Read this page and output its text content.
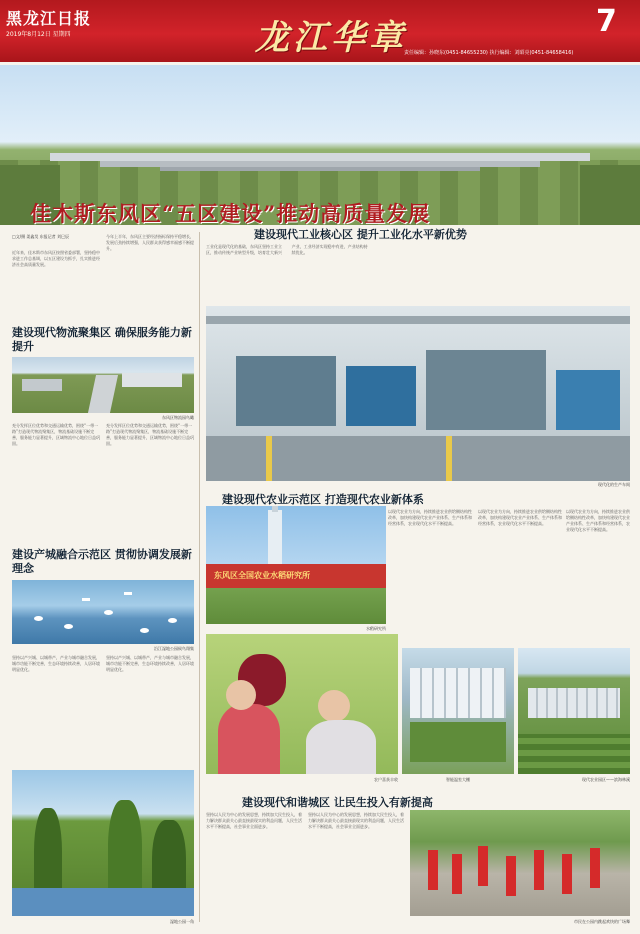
黑龙江日报
2019年8月12日 星期四	龙江华章	7
责任编辑：孙晓东(0451-84655230) 执行编辑：刘昭亮(0451-84658416)
佳木斯东风区“五区建设”推动高质量发展
□文/摄 姜鑫昊 东报记者 刘巳辰
近年来，佳木斯市东风区按照省委部署，坚持稳中求进工作总基调，以五区建设为抓手，扎实推进经济社会高质量发展。
今年上半年，东风区主要经济指标保持平稳增长，发展后劲持续增强，人民群众获得感幸福感不断提升。
建设现代物流聚集区 确保服务能力新提升
东风区物流园鸟瞰
充分发挥区位优势和交通运输优势，围绕“一带一路”打造现代物流聚集区，物流基础设施不断完善，服务能力显著提升，区域物流中心地位日益巩固。
充分发挥区位优势和交通运输优势，围绕“一带一路”打造现代物流聚集区，物流基础设施不断完善，服务能力显著提升，区域物流中心地位日益巩固。
建设产城融合示范区 贯彻协调发展新理念
沿江湿地公园候鸟翔集
坚持以产兴城、以城带产，产业与城市融合发展，城市功能不断完善，生态环境持续改善，人居环境明显优化。
坚持以产兴城、以城带产，产业与城市融合发展，城市功能不断完善，生态环境持续改善，人居环境明显优化。
湿地公园一角
建设现代工业核心区 提升工业化水平新优势
工业化是现代化的基础，东风区坚持工业立区，推动传统产业转型升级，培育壮大新兴产业，工业经济实现稳中有进，产业结构持续优化。
现代化的生产车间
建设现代农业示范区 打造现代农业新体系
以现代农业为方向，持续推进农业供给侧结构性改革，加快构建现代农业产业体系、生产体系和经营体系，农业现代化水平不断提高。
以现代农业为方向，持续推进农业供给侧结构性改革，加快构建现代农业产业体系、生产体系和经营体系，农业现代化水平不断提高。
以现代农业为方向，持续推进农业供给侧结构性改革，加快构建现代农业产业体系、生产体系和经营体系，农业现代化水平不断提高。
东风区全国农业水稻研究所
水稻研究所
农户喜获丰收	智能温室大棚	现代农业园区——滨海林溪
建设现代和谐城区 让民生投入有新提高
坚持以人民为中心的发展思想，持续加大民生投入，着力解决群众最关心最直接最现实的利益问题，人民生活水平不断提高，社会事业全面进步。
坚持以人民为中心的发展思想，持续加大民生投入，着力解决群众最关心最直接最现实的利益问题，人民生活水平不断提高，社会事业全面进步。
市民在公园内跳起欢快的广场舞
